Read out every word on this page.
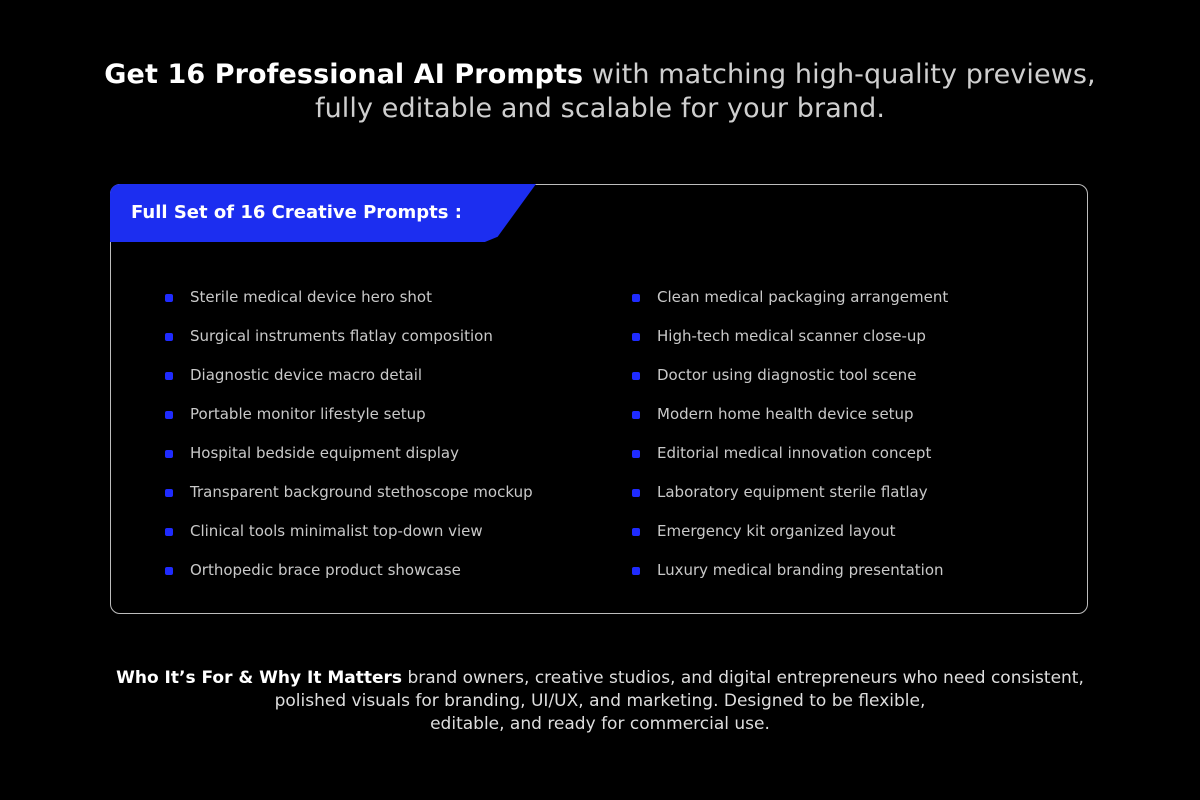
Get 16 Professional AI Prompts with matching high-quality previews,
fully editable and scalable for your brand.
Full Set of 16 Creative Prompts :
Sterile medical device hero shot
Surgical instruments flatlay composition
Diagnostic device macro detail
Portable monitor lifestyle setup
Hospital bedside equipment display
Transparent background stethoscope mockup
Clinical tools minimalist top-down view
Orthopedic brace product showcase
Clean medical packaging arrangement
High-tech medical scanner close-up
Doctor using diagnostic tool scene
Modern home health device setup
Editorial medical innovation concept
Laboratory equipment sterile flatlay
Emergency kit organized layout
Luxury medical branding presentation
Who It’s For & Why It Matters brand owners, creative studios, and digital entrepreneurs who need consistent,
polished visuals for branding, UI/UX, and marketing. Designed to be flexible,
editable, and ready for commercial use.
